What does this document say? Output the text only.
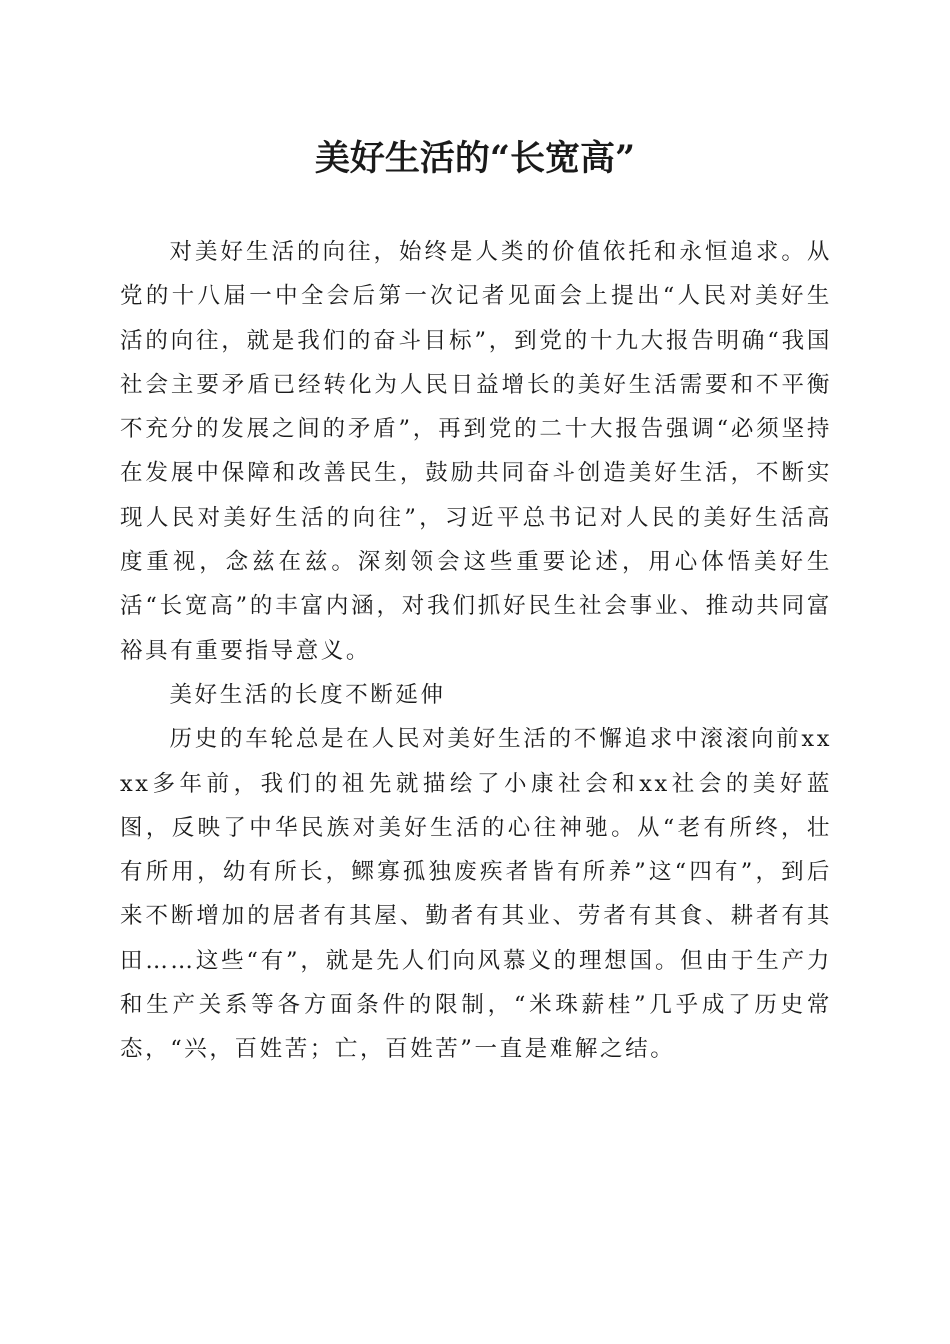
美好生活的“长宽高”

对美好生活的向往，始终是人类的价值依托和永恒追求。从党的十八届一中全会后第一次记者见面会上提出“人民对美好生活的向往，就是我们的奋斗目标”，到党的十九大报告明确“我国社会主要矛盾已经转化为人民日益增长的美好生活需要和不平衡不充分的发展之间的矛盾”，再到党的二十大报告强调“必须坚持在发展中保障和改善民生，鼓励共同奋斗创造美好生活，不断实现人民对美好生活的向往”，习近平总书记对人民的美好生活高度重视，念兹在兹。深刻领会这些重要论述，用心体悟美好生活“长宽高”的丰富内涵，对我们抓好民生社会事业、推动共同富裕具有重要指导意义。

美好生活的长度不断延伸

历史的车轮总是在人民对美好生活的不懈追求中滚滚向前xxxx多年前，我们的祖先就描绘了小康社会和xx社会的美好蓝图，反映了中华民族对美好生活的心往神驰。从“老有所终，壮有所用，幼有所长，鳏寡孤独废疾者皆有所养”这“四有”，到后来不断增加的居者有其屋、勤者有其业、劳者有其食、耕者有其田……这些“有”，就是先人们向风慕义的理想国。但由于生产力和生产关系等各方面条件的限制，“米珠薪桂”几乎成了历史常态，“兴，百姓苦；亡，百姓苦”一直是难解之结。
